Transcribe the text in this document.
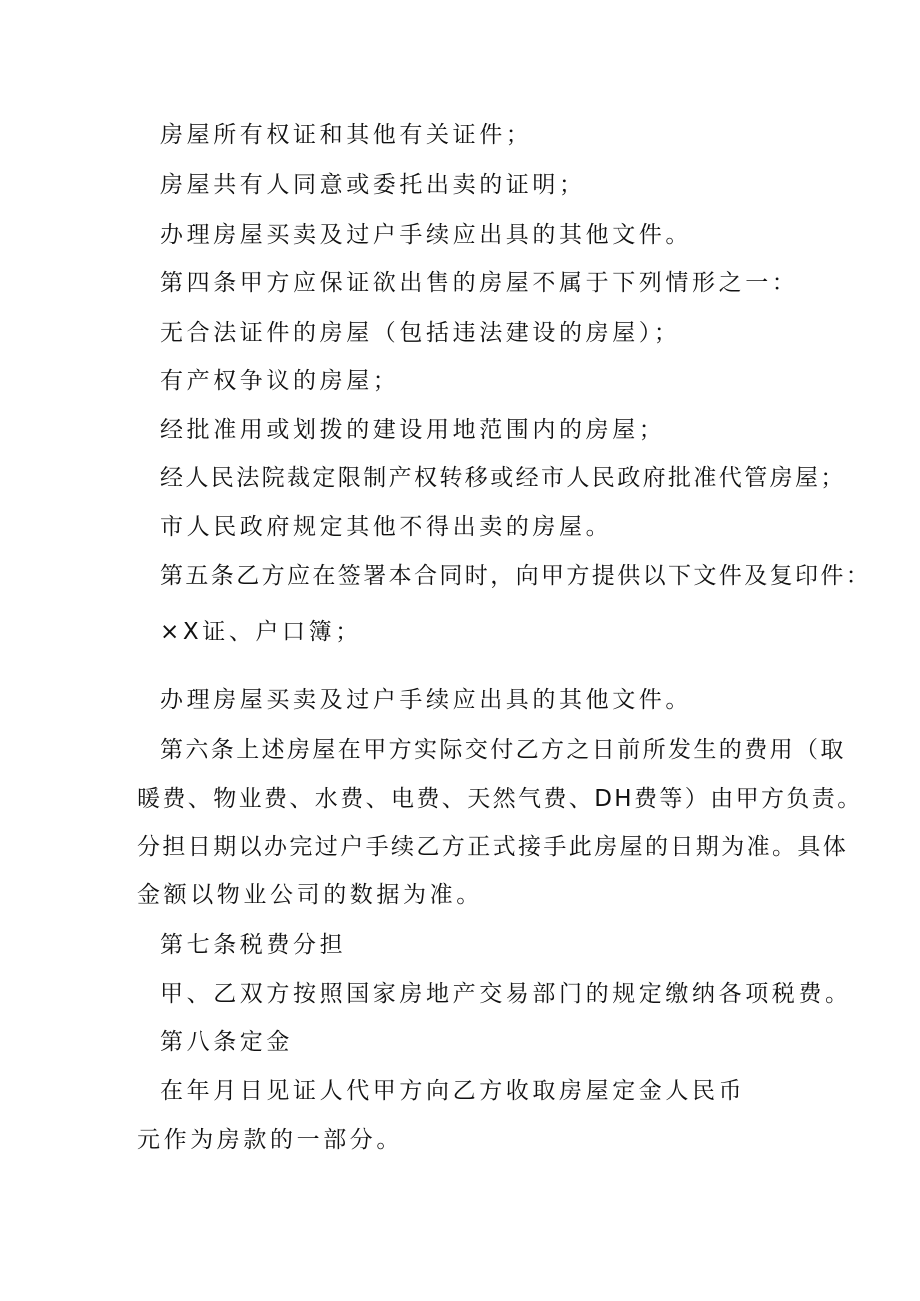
房屋所有权证和其他有关证件；

房屋共有人同意或委托出卖的证明；

办理房屋买卖及过户手续应出具的其他文件。

第四条甲方应保证欲出售的房屋不属于下列情形之一：

无合法证件的房屋（包括违法建设的房屋）；

有产权争议的房屋；

经批准用或划拨的建设用地范围内的房屋；

经人民法院裁定限制产权转移或经市人民政府批准代管房屋；

市人民政府规定其他不得出卖的房屋。

第五条乙方应在签署本合同时，向甲方提供以下文件及复印件：

×X证、户口簿；

办理房屋买卖及过户手续应出具的其他文件。

第六条上述房屋在甲方实际交付乙方之日前所发生的费用（取

暖费、物业费、水费、电费、天然气费、DH费等）由甲方负责。

分担日期以办完过户手续乙方正式接手此房屋的日期为准。具体

金额以物业公司的数据为准。

第七条税费分担

甲、乙双方按照国家房地产交易部门的规定缴纳各项税费。

第八条定金

在年月日见证人代甲方向乙方收取房屋定金人民币

元作为房款的一部分。
